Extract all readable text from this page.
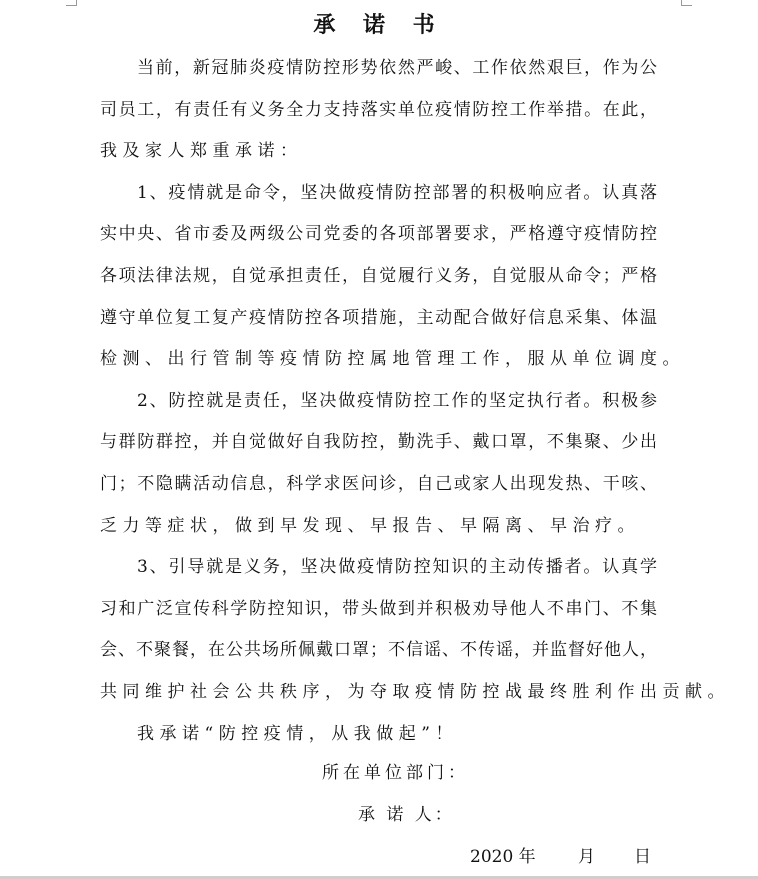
承 诺 书
当前，新冠肺炎疫情防控形势依然严峻、工作依然艰巨，作为公
司员工，有责任有义务全力支持落实单位疫情防控工作举措。在此，
我及家人郑重承诺：
1、疫情就是命令，坚决做疫情防控部署的积极响应者。认真落
实中央、省市委及两级公司党委的各项部署要求，严格遵守疫情防控
各项法律法规，自觉承担责任，自觉履行义务，自觉服从命令；严格
遵守单位复工复产疫情防控各项措施，主动配合做好信息采集、体温
检测、出行管制等疫情防控属地管理工作，服从单位调度。
2、防控就是责任，坚决做疫情防控工作的坚定执行者。积极参
与群防群控，并自觉做好自我防控，勤洗手、戴口罩，不集聚、少出
门；不隐瞒活动信息，科学求医问诊，自己或家人出现发热、干咳、
乏力等症状，做到早发现、早报告、早隔离、早治疗。
3、引导就是义务，坚决做疫情防控知识的主动传播者。认真学
习和广泛宣传科学防控知识，带头做到并积极劝导他人不串门、不集
会、不聚餐，在公共场所佩戴口罩；不信谣、不传谣，并监督好他人，
共同维护社会公共秩序，为夺取疫情防控战最终胜利作出贡献。
我承诺“防控疫情，从我做起”！
所在单位部门：
承 诺 人：
2020 年 月 日
